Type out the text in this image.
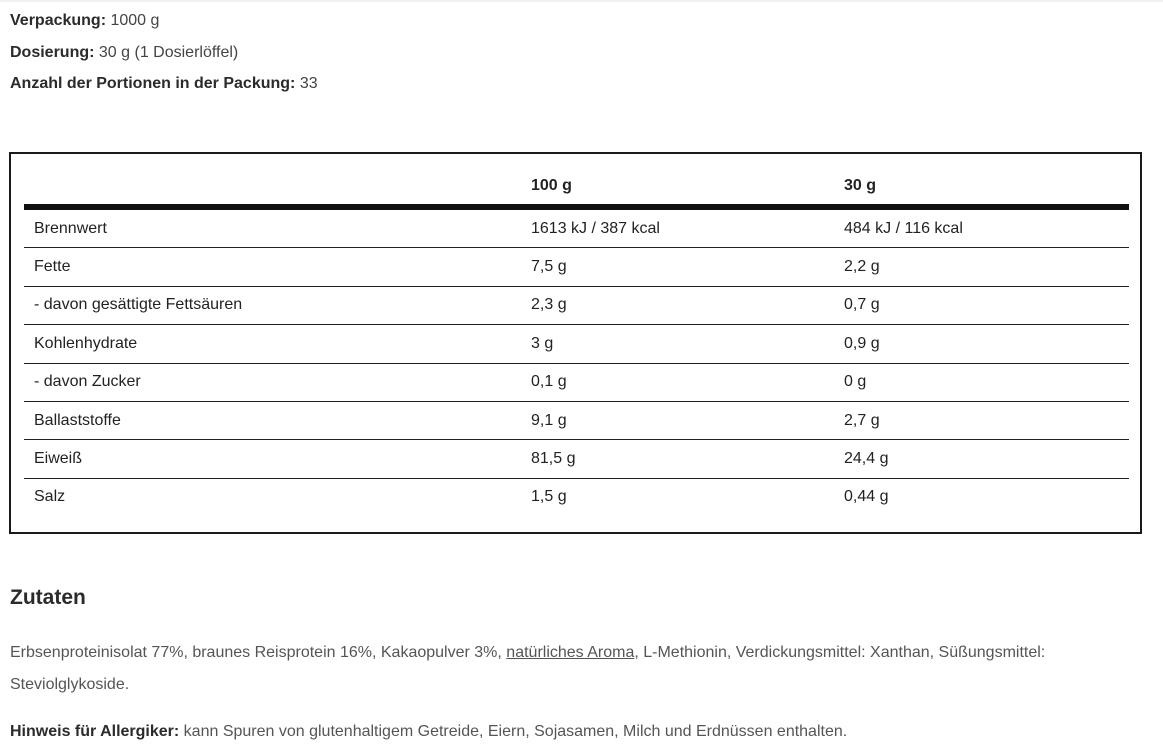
Verpackung: 1000 g
Dosierung: 30 g (1 Dosierlöffel)
Anzahl der Portionen in der Packung: 33
	100 g	30 g
Brennwert	1613 kJ / 387 kcal	484 kJ / 116 kcal
Fette	7,5 g	2,2 g
- davon gesättigte Fettsäuren	2,3 g	0,7 g
Kohlenhydrate	3 g	0,9 g
- davon Zucker	0,1 g	0 g
Ballaststoffe	9,1 g	2,7 g
Eiweiß	81,5 g	24,4 g
Salz	1,5 g	0,44 g
Zutaten
Erbsenproteinisolat 77%, braunes Reisprotein 16%, Kakaopulver 3%, natürliches Aroma, L-Methionin, Verdickungsmittel: Xanthan, Süßungsmittel: Steviolglykoside.
Hinweis für Allergiker: kann Spuren von glutenhaltigem Getreide, Eiern, Sojasamen, Milch und Erdnüssen enthalten.
